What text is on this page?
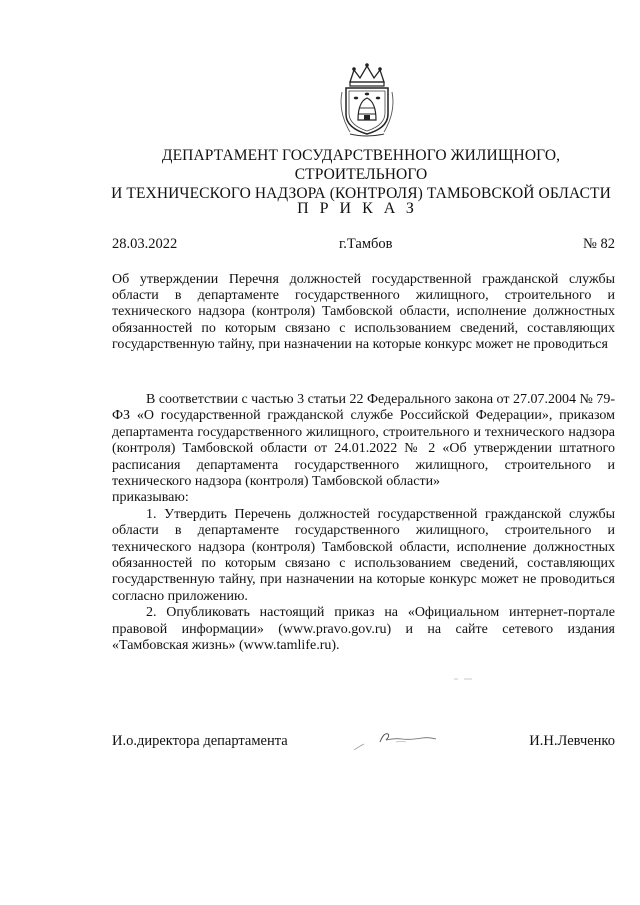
ДЕПАРТАМЕНТ ГОСУДАРСТВЕННОГО ЖИЛИЩНОГО, СТРОИТЕЛЬНОГО
И ТЕХНИЧЕСКОГО НАДЗОРА (КОНТРОЛЯ) ТАМБОВСКОЙ ОБЛАСТИ
ПРИКАЗ
28.03.2022	г.Тамбов	№ 82
Об утверждении Перечня должностей государственной гражданской службы области в департаменте государственного жилищного, строительного и технического надзора (контроля) Тамбовской области, исполнение должностных обязанностей по которым связано с использованием сведений, составляющих государственную тайну, при назначении на которые конкурс может не проводиться

В соответствии с частью 3 статьи 22 Федерального закона от 27.07.2004 № 79-ФЗ «О государственной гражданской службе Российской Федерации», приказом департамента государственного жилищного, строительного и технического надзора (контроля) Тамбовской области от 24.01.2022 № 2 «Об утверждении штатного расписания департамента государственного жилищного, строительного и технического надзора (контроля) Тамбовской области»

приказываю:

1. Утвердить Перечень должностей государственной гражданской службы области в департаменте государственного жилищного, строительного и технического надзора (контроля) Тамбовской области, исполнение должностных обязанностей по которым связано с использованием сведений, составляющих государственную тайну, при назначении на которые конкурс может не проводиться согласно приложению.

2. Опубликовать настоящий приказ на «Официальном интернет-портале правовой информации» (www.pravo.gov.ru) и на сайте сетевого издания «Тамбовская жизнь» (www.tamlife.ru).

И.о.директора департамента	И.Н.Левченко
